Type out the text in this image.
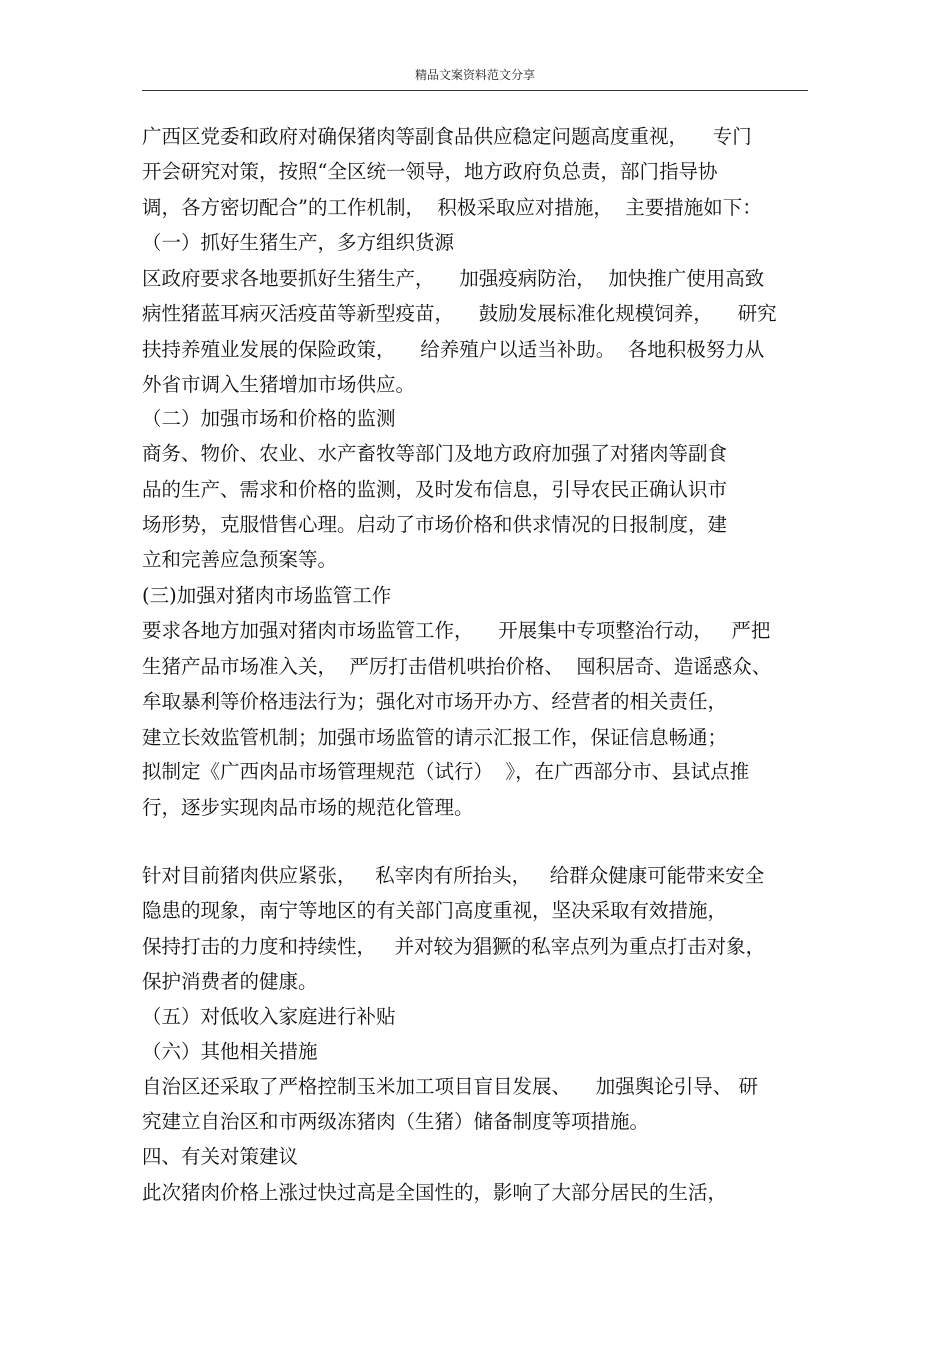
精品文案资料范文分享
广西区党委和政府对确保猪肉等副食品供应稳定问题高度重视，    专门
开会研究对策，按照“全区统一领导，地方政府负总责，部门指导协
调，各方密切配合”的工作机制，  积极采取应对措施，  主要措施如下：
（一）抓好生猪生产，多方组织货源
区政府要求各地要抓好生猪生产，    加强疫病防治，  加快推广使用高致
病性猪蓝耳病灭活疫苗等新型疫苗，    鼓励发展标准化规模饲养，    研究
扶持养殖业发展的保险政策，    给养殖户以适当补助。  各地积极努力从
外省市调入生猪增加市场供应。
（二）加强市场和价格的监测
商务、物价、农业、水产畜牧等部门及地方政府加强了对猪肉等副食
品的生产、需求和价格的监测，及时发布信息，引导农民正确认识市
场形势，克服惜售心理。启动了市场价格和供求情况的日报制度，建
立和完善应急预案等。
(三)加强对猪肉市场监管工作
要求各地方加强对猪肉市场监管工作，    开展集中专项整治行动，   严把
生猪产品市场准入关，  严厉打击借机哄抬价格、  囤积居奇、造谣惑众、
牟取暴利等价格违法行为；强化对市场开办方、经营者的相关责任，
建立长效监管机制；加强市场监管的请示汇报工作，保证信息畅通；
拟制定《广西肉品市场管理规范（试行）  》，在广西部分市、县试点推
行，逐步实现肉品市场的规范化管理。
针对目前猪肉供应紧张，   私宰肉有所抬头，   给群众健康可能带来安全
隐患的现象，南宁等地区的有关部门高度重视，坚决采取有效措施，
保持打击的力度和持续性，   并对较为猖獗的私宰点列为重点打击对象，
保护消费者的健康。
（五）对低收入家庭进行补贴
（六）其他相关措施
自治区还采取了严格控制玉米加工项目盲目发展、    加强舆论引导、 研
究建立自治区和市两级冻猪肉（生猪）储备制度等项措施。
四、有关对策建议
此次猪肉价格上涨过快过高是全国性的，影响了大部分居民的生活，
